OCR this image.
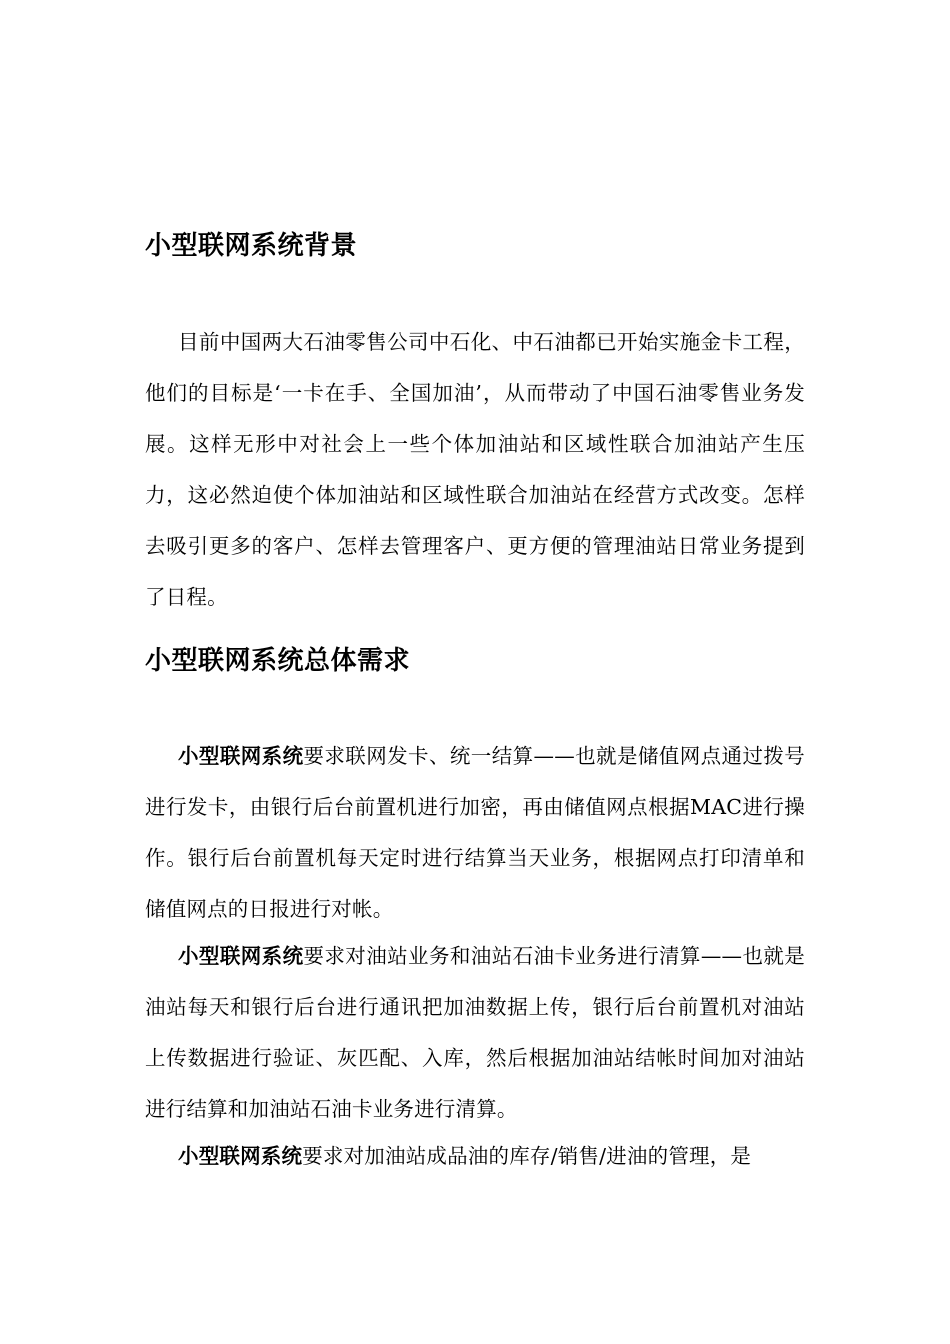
小型联网系统背景

目前中国两大石油零售公司中石化、中石油都已开始实施金卡工程，他们的目标是‘一卡在手、全国加油’，从而带动了中国石油零售业务发展。这样无形中对社会上一些个体加油站和区域性联合加油站产生压力，这必然迫使个体加油站和区域性联合加油站在经营方式改变。怎样去吸引更多的客户、怎样去管理客户、更方便的管理油站日常业务提到了日程。

小型联网系统总体需求

小型联网系统要求联网发卡、统一结算——也就是储值网点通过拨号进行发卡，由银行后台前置机进行加密，再由储值网点根据MAC进行操作。银行后台前置机每天定时进行结算当天业务，根据网点打印清单和储值网点的日报进行对帐。

小型联网系统要求对油站业务和油站石油卡业务进行清算——也就是油站每天和银行后台进行通讯把加油数据上传，银行后台前置机对油站上传数据进行验证、灰匹配、入库，然后根据加油站结帐时间加对油站进行结算和加油站石油卡业务进行清算。

小型联网系统要求对加油站成品油的库存/销售/进油的管理，是
